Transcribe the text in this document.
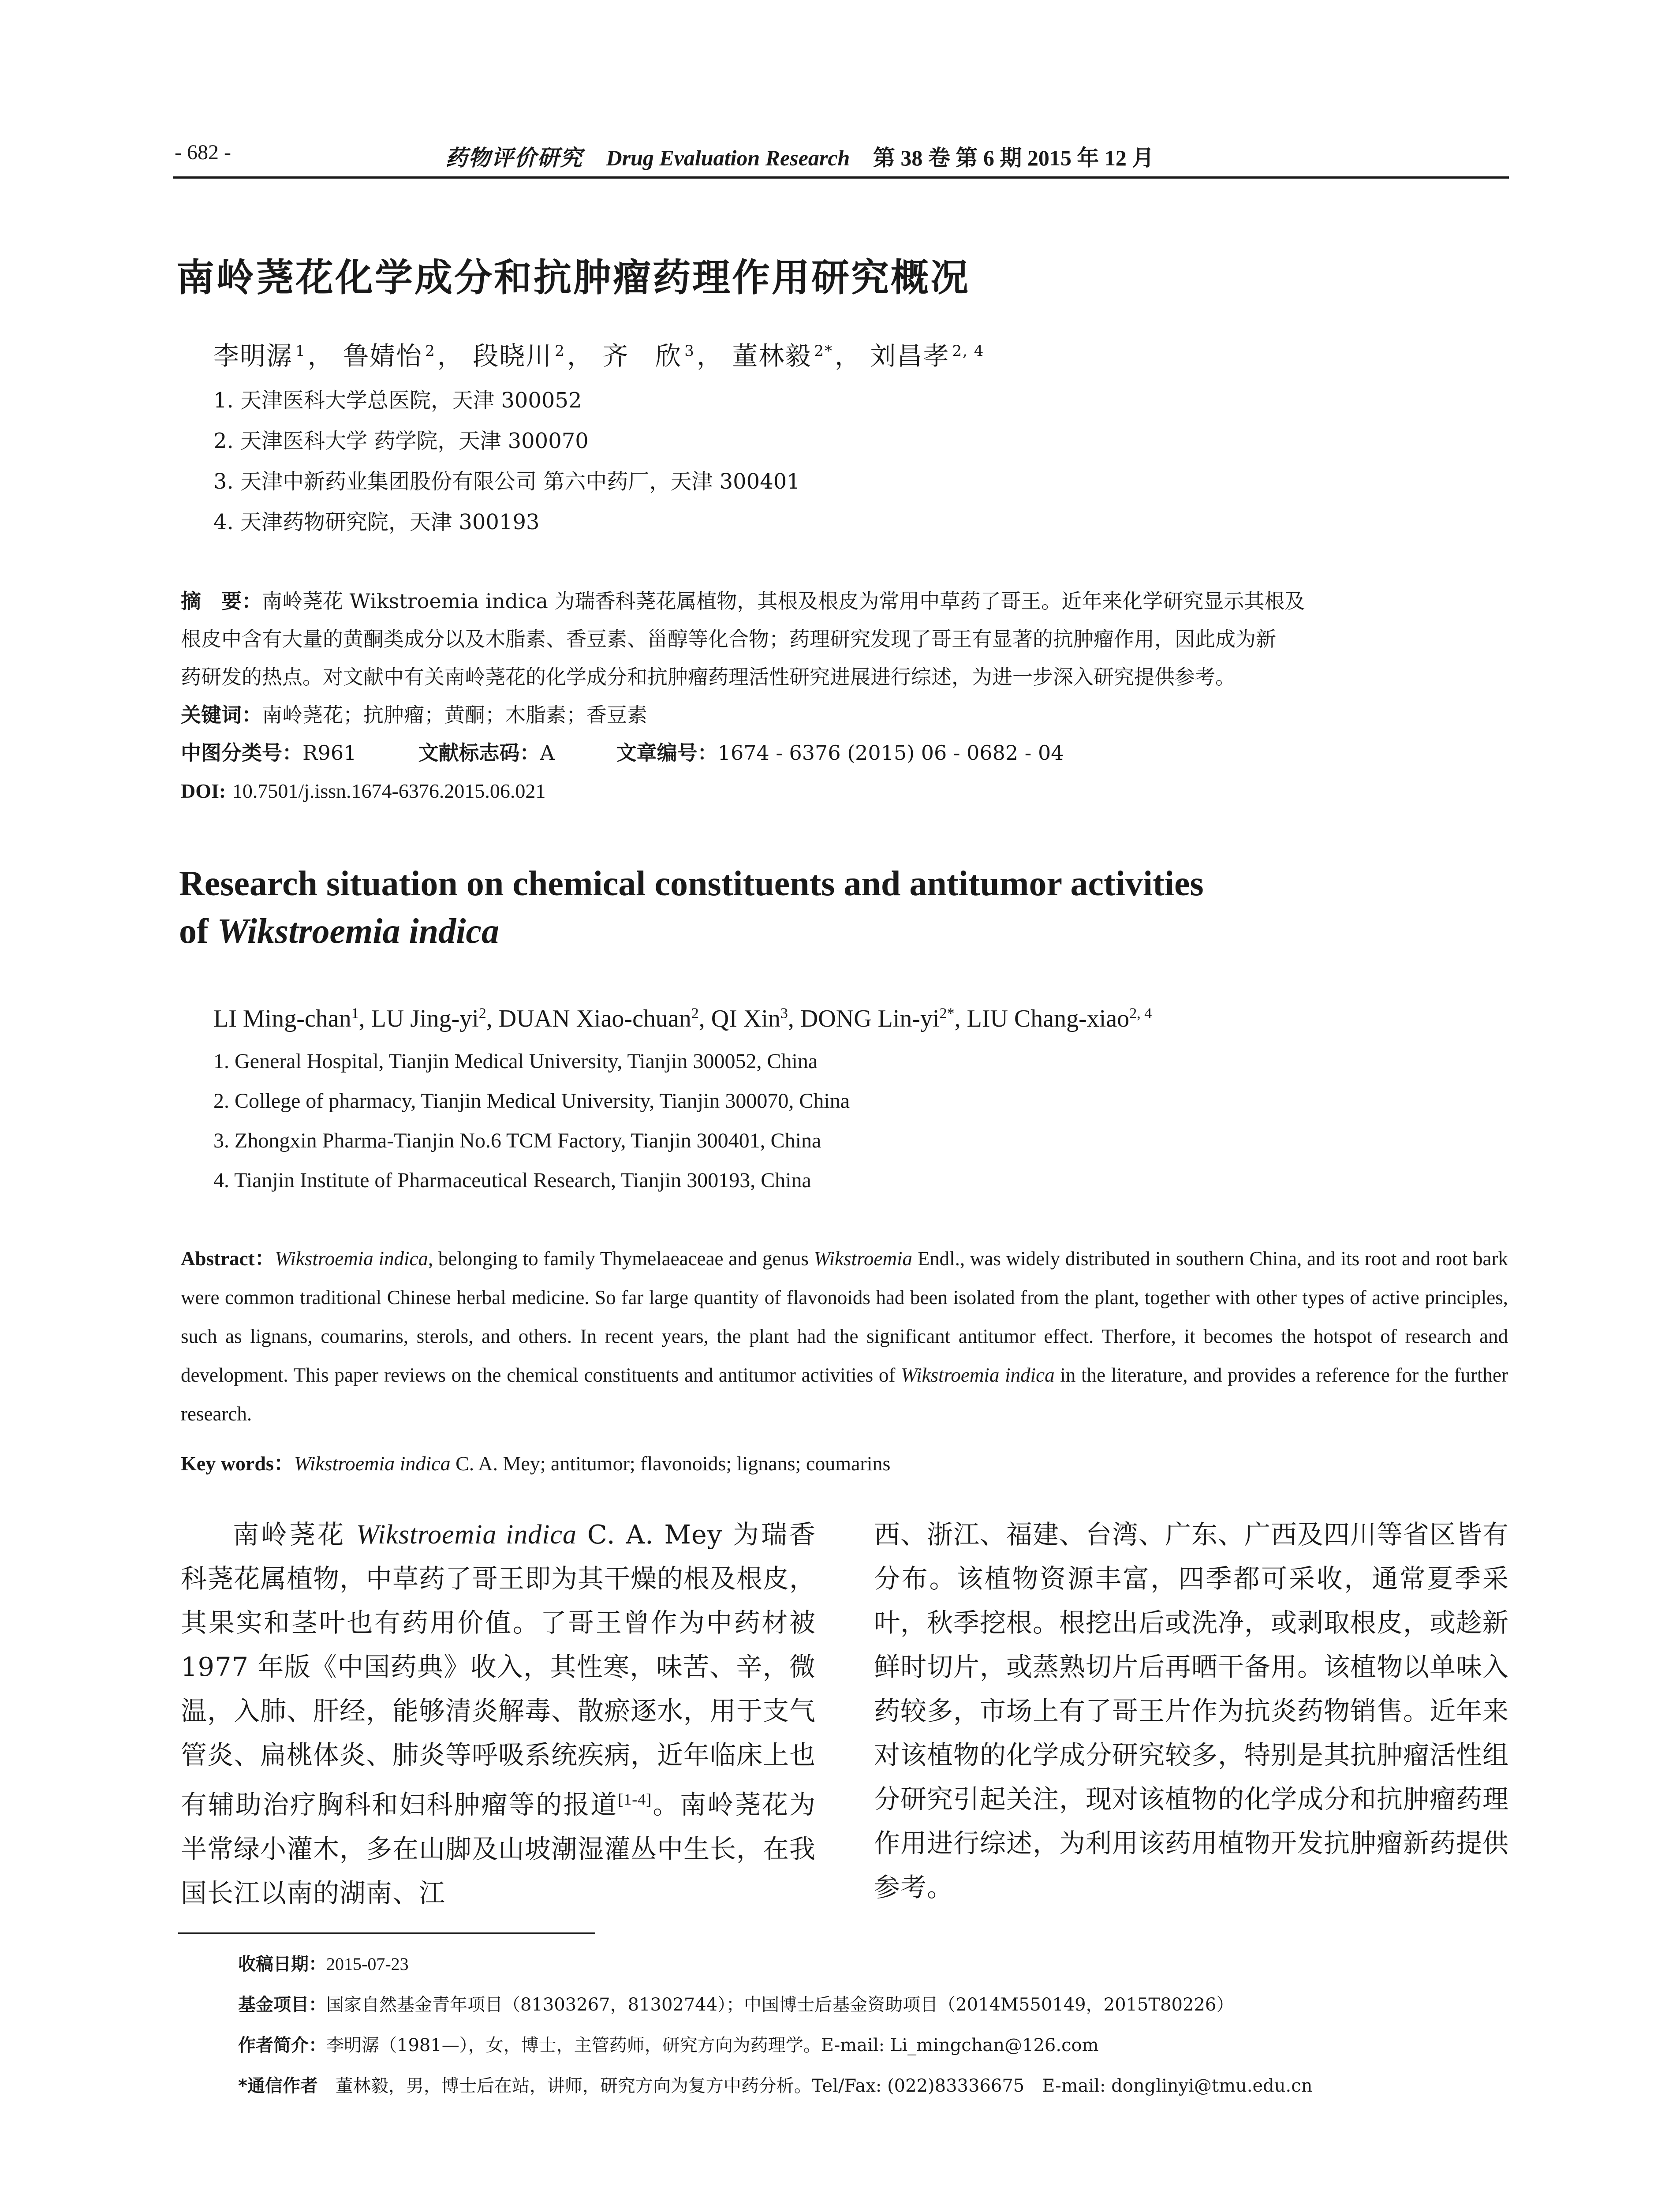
- 682 -	药物评价研究 Drug Evaluation Research 第 38 卷 第 6 期 2015 年 12 月
南岭荛花化学成分和抗肿瘤药理作用研究概况
李明潺 $^1$， 鲁婧怡 $^2$， 段晓川 $^2$， 齐　欣 $^3$， 董林毅 $^{2*}$， 刘昌孝 $^{2, 4}$
1. 天津医科大学总医院，天津 300052
2. 天津医科大学 药学院，天津 300070
3. 天津中新药业集团股份有限公司 第六中药厂，天津 300401
4. 天津药物研究院，天津 300193
摘　要：南岭荛花 Wikstroemia indica 为瑞香科荛花属植物，其根及根皮为常用中草药了哥王。近年来化学研究显示其根及
根皮中含有大量的黄酮类成分以及木脂素、香豆素、甾醇等化合物；药理研究发现了哥王有显著的抗肿瘤作用，因此成为新
药研发的热点。对文献中有关南岭荛花的化学成分和抗肿瘤药理活性研究进展进行综述，为进一步深入研究提供参考。
关键词：南岭荛花；抗肿瘤；黄酮；木脂素；香豆素
中图分类号：R961	文献标志码：A	文章编号：1674 - 6376 (2015) 06 - 0682 - 04
DOI: 10.7501/j.issn.1674-6376.2015.06.021
Research situation on chemical constituents and antitumor activities
of Wikstroemia indica
LI Ming-chan$^1$, LU Jing-$yi^2$, DUAN Xiao-chuan$^2$, QI Xin$^3$, DONG Lin-$yi^{2*}$, LIU Chang-xiao$^{2, 4}$
1. General Hospital, Tianjin Medical University, Tianjin 300052, China
2. College of pharmacy, Tianjin Medical University, Tianjin 300070, China
3. Zhongxin Pharma-Tianjin No.6 TCM Factory, Tianjin 300401, China
4. Tianjin Institute of Pharmaceutical Research, Tianjin 300193, China
Abstract：Wikstroemia indica, belonging to family Thymelaeaceae and genus Wikstroemia Endl., was widely distributed in southern China, and its root and root bark were common traditional Chinese herbal medicine. So far large quantity of flavonoids had been isolated from the plant, together with other types of active principles, such as lignans, coumarins, sterols, and others. In recent years, the plant had the significant antitumor effect. Therfore, it becomes the hotspot of research and development. This paper reviews on the chemical constituents and antitumor activities of Wikstroemia indica in the literature, and provides a reference for the further research.
Key words：Wikstroemia indica C. A. Mey; antitumor; flavonoids; lignans; coumarins
南岭荛花 Wikstroemia indica C. A. Mey 为瑞香科荛花属植物，中草药了哥王即为其干燥的根及根皮，其果实和茎叶也有药用价值。了哥王曾作为中药材被 1977 年版《中国药典》收入，其性寒，味苦、辛，微温，入肺、肝经，能够清炎解毒、散瘀逐水，用于支气管炎、扁桃体炎、肺炎等呼吸系统疾病，近年临床上也有辅助治疗胸科和妇科肿瘤等的报道[1-4]。南岭荛花为半常绿小灌木，多在山脚及山坡潮湿灌丛中生长，在我国长江以南的湖南、江
西、浙江、福建、台湾、广东、广西及四川等省区皆有分布。该植物资源丰富，四季都可采收，通常夏季采叶，秋季挖根。根挖出后或洗净，或剥取根皮，或趁新鲜时切片，或蒸熟切片后再晒干备用。该植物以单味入药较多，市场上有了哥王片作为抗炎药物销售。近年来对该植物的化学成分研究较多，特别是其抗肿瘤活性组分研究引起关注，现对该植物的化学成分和抗肿瘤药理作用进行综述，为利用该药用植物开发抗肿瘤新药提供参考。
收稿日期：2015-07-23
基金项目：国家自然基金青年项目（81303267，81302744）；中国博士后基金资助项目（2014M550149，2015T80226）
作者简介：李明潺（1981—），女，博士，主管药师，研究方向为药理学。E-mail: Li_mingchan@126.com
*通信作者　董林毅，男，博士后在站，讲师，研究方向为复方中药分析。Tel/Fax: (022)83336675　E-mail: donglinyi@tmu.edu.cn
